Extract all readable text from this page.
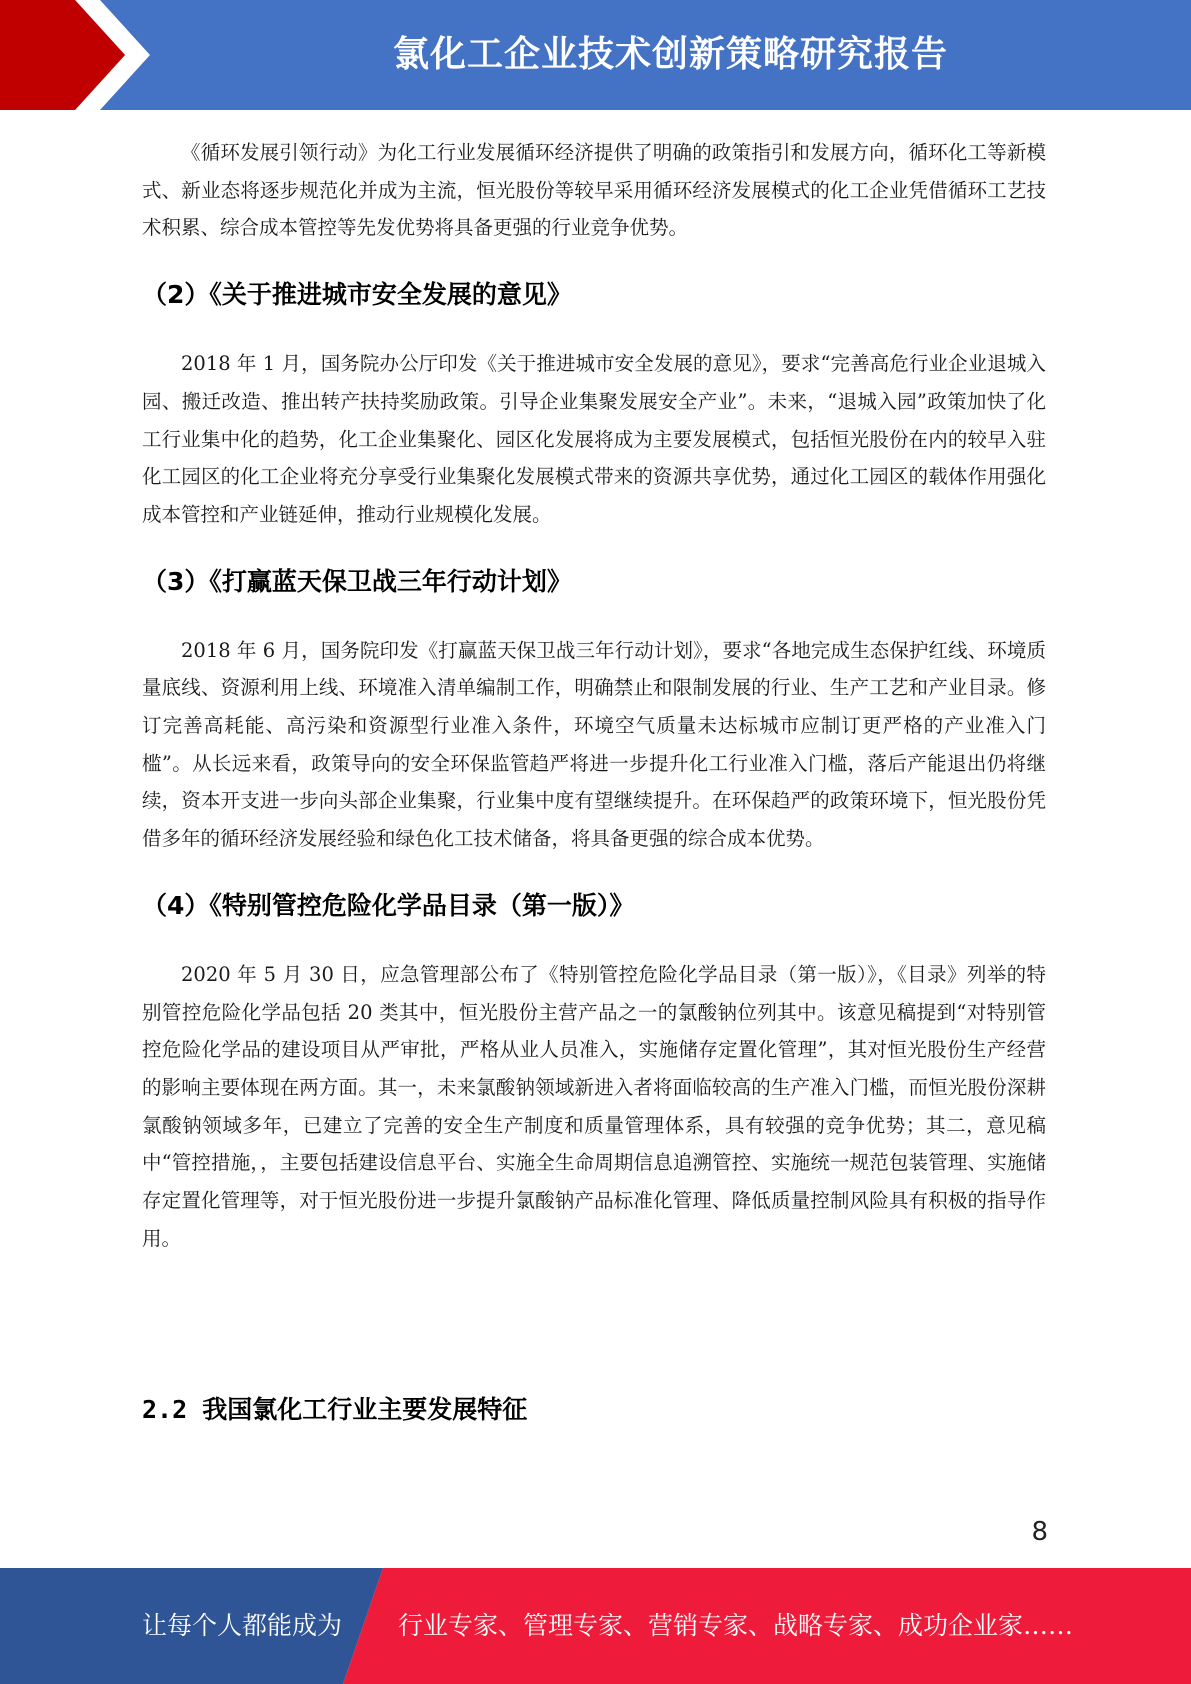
氯化工企业技术创新策略研究报告

《循环发展引领行动》为化工行业发展循环经济提供了明确的政策指引和发展方向，循环化工等新模式、新业态将逐步规范化并成为主流，恒光股份等较早采用循环经济发展模式的化工企业凭借循环工艺技术积累、综合成本管控等先发优势将具备更强的行业竞争优势。

（2）《关于推进城市安全发展的意见》

2018 年 1 月，国务院办公厅印发《关于推进城市安全发展的意见》，要求“完善高危行业企业退城入园、搬迁改造、推出转产扶持奖励政策。引导企业集聚发展安全产业”。未来，“退城入园”政策加快了化工行业集中化的趋势，化工企业集聚化、园区化发展将成为主要发展模式，包括恒光股份在内的较早入驻化工园区的化工企业将充分享受行业集聚化发展模式带来的资源共享优势，通过化工园区的载体作用强化成本管控和产业链延伸，推动行业规模化发展。

（3）《打赢蓝天保卫战三年行动计划》

2018 年 6 月，国务院印发《打赢蓝天保卫战三年行动计划》，要求“各地完成生态保护红线、环境质量底线、资源利用上线、环境准入清单编制工作，明确禁止和限制发展的行业、生产工艺和产业目录。修订完善高耗能、高污染和资源型行业准入条件，环境空气质量未达标城市应制订更严格的产业准入门槛”。从长远来看，政策导向的安全环保监管趋严将进一步提升化工行业准入门槛，落后产能退出仍将继续，资本开支进一步向头部企业集聚，行业集中度有望继续提升。在环保趋严的政策环境下，恒光股份凭借多年的循环经济发展经验和绿色化工技术储备，将具备更强的综合成本优势。

（4）《特别管控危险化学品目录（第一版）》

2020 年 5 月 30 日，应急管理部公布了《特别管控危险化学品目录（第一版）》，《目录》列举的特别管控危险化学品包括 20 类其中，恒光股份主营产品之一的氯酸钠位列其中。该意见稿提到“对特别管控危险化学品的建设项目从严审批，严格从业人员准入，实施储存定置化管理”，其对恒光股份生产经营的影响主要体现在两方面。其一，未来氯酸钠领域新进入者将面临较高的生产准入门槛，而恒光股份深耕氯酸钠领域多年，已建立了完善的安全生产制度和质量管理体系，具有较强的竞争优势；其二，意见稿中“管控措施，，主要包括建设信息平台、实施全生命周期信息追溯管控、实施统一规范包装管理、实施储存定置化管理等，对于恒光股份进一步提升氯酸钠产品标准化管理、降低质量控制风险具有积极的指导作用。

2.2 我国氯化工行业主要发展特征
8
让每个人都能成为 行业专家、管理专家、营销专家、战略专家、成功企业家……
